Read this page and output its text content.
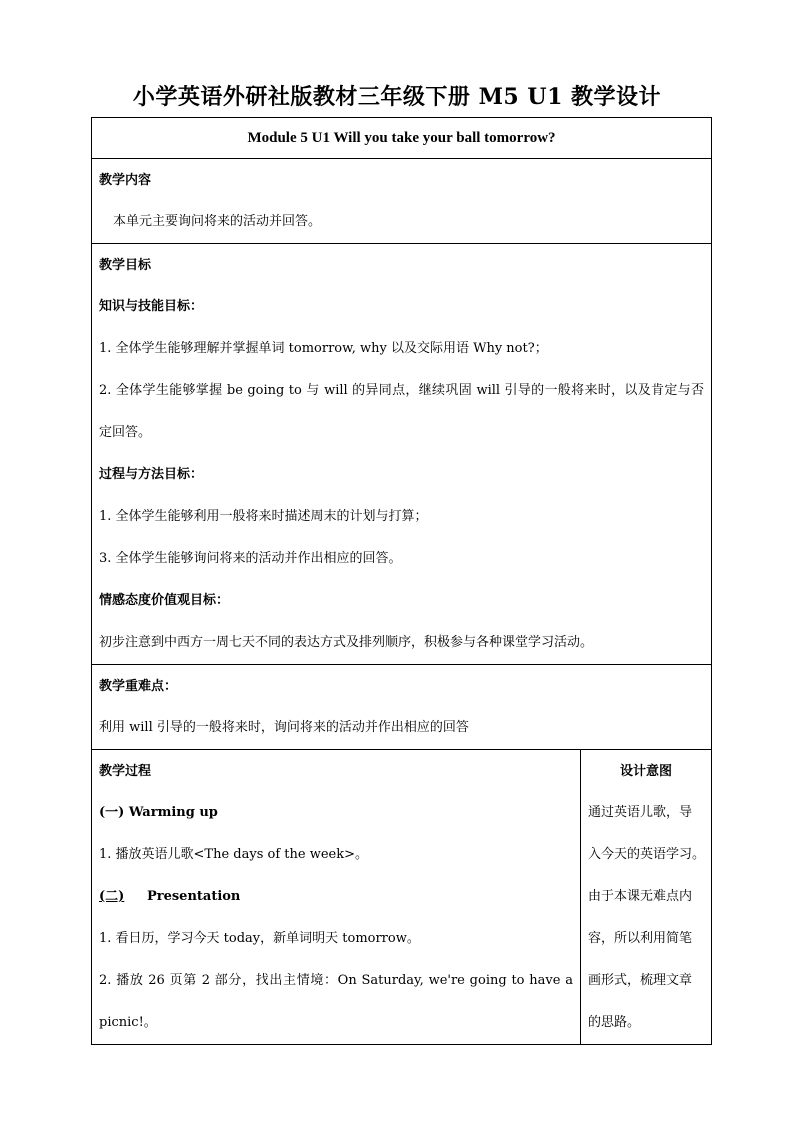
小学英语外研社版教材三年级下册 M5 U1 教学设计
Module 5 U1 Will you take your ball tomorrow?

教学内容
本单元主要询问将来的活动并回答。

教学目标
知识与技能目标：
1. 全体学生能够理解并掌握单词 tomorrow, why 以及交际用语 Why not?；
2. 全体学生能够掌握 be going to 与 will 的异同点，继续巩固 will 引导的一般将来时，以及肯定与否
定回答。
过程与方法目标：
1. 全体学生能够利用一般将来时描述周末的计划与打算；
3. 全体学生能够询问将来的活动并作出相应的回答。
情感态度价值观目标：
初步注意到中西方一周七天不同的表达方式及排列顺序，积极参与各种课堂学习活动。

教学重难点：
利用 will 引导的一般将来时，询问将来的活动并作出相应的回答

教学过程
(一) Warming up
1. 播放英语儿歌<The days of the week>。
(二) Presentation
1. 看日历，学习今天 today，新单词明天 tomorrow。
2. 播放 26 页第 2 部分，找出主情境：On Saturday, we're going to have a
picnic!。

设计意图
通过英语儿歌，导
入今天的英语学习。
由于本课无难点内
容，所以利用简笔
画形式，梳理文章
的思路。
